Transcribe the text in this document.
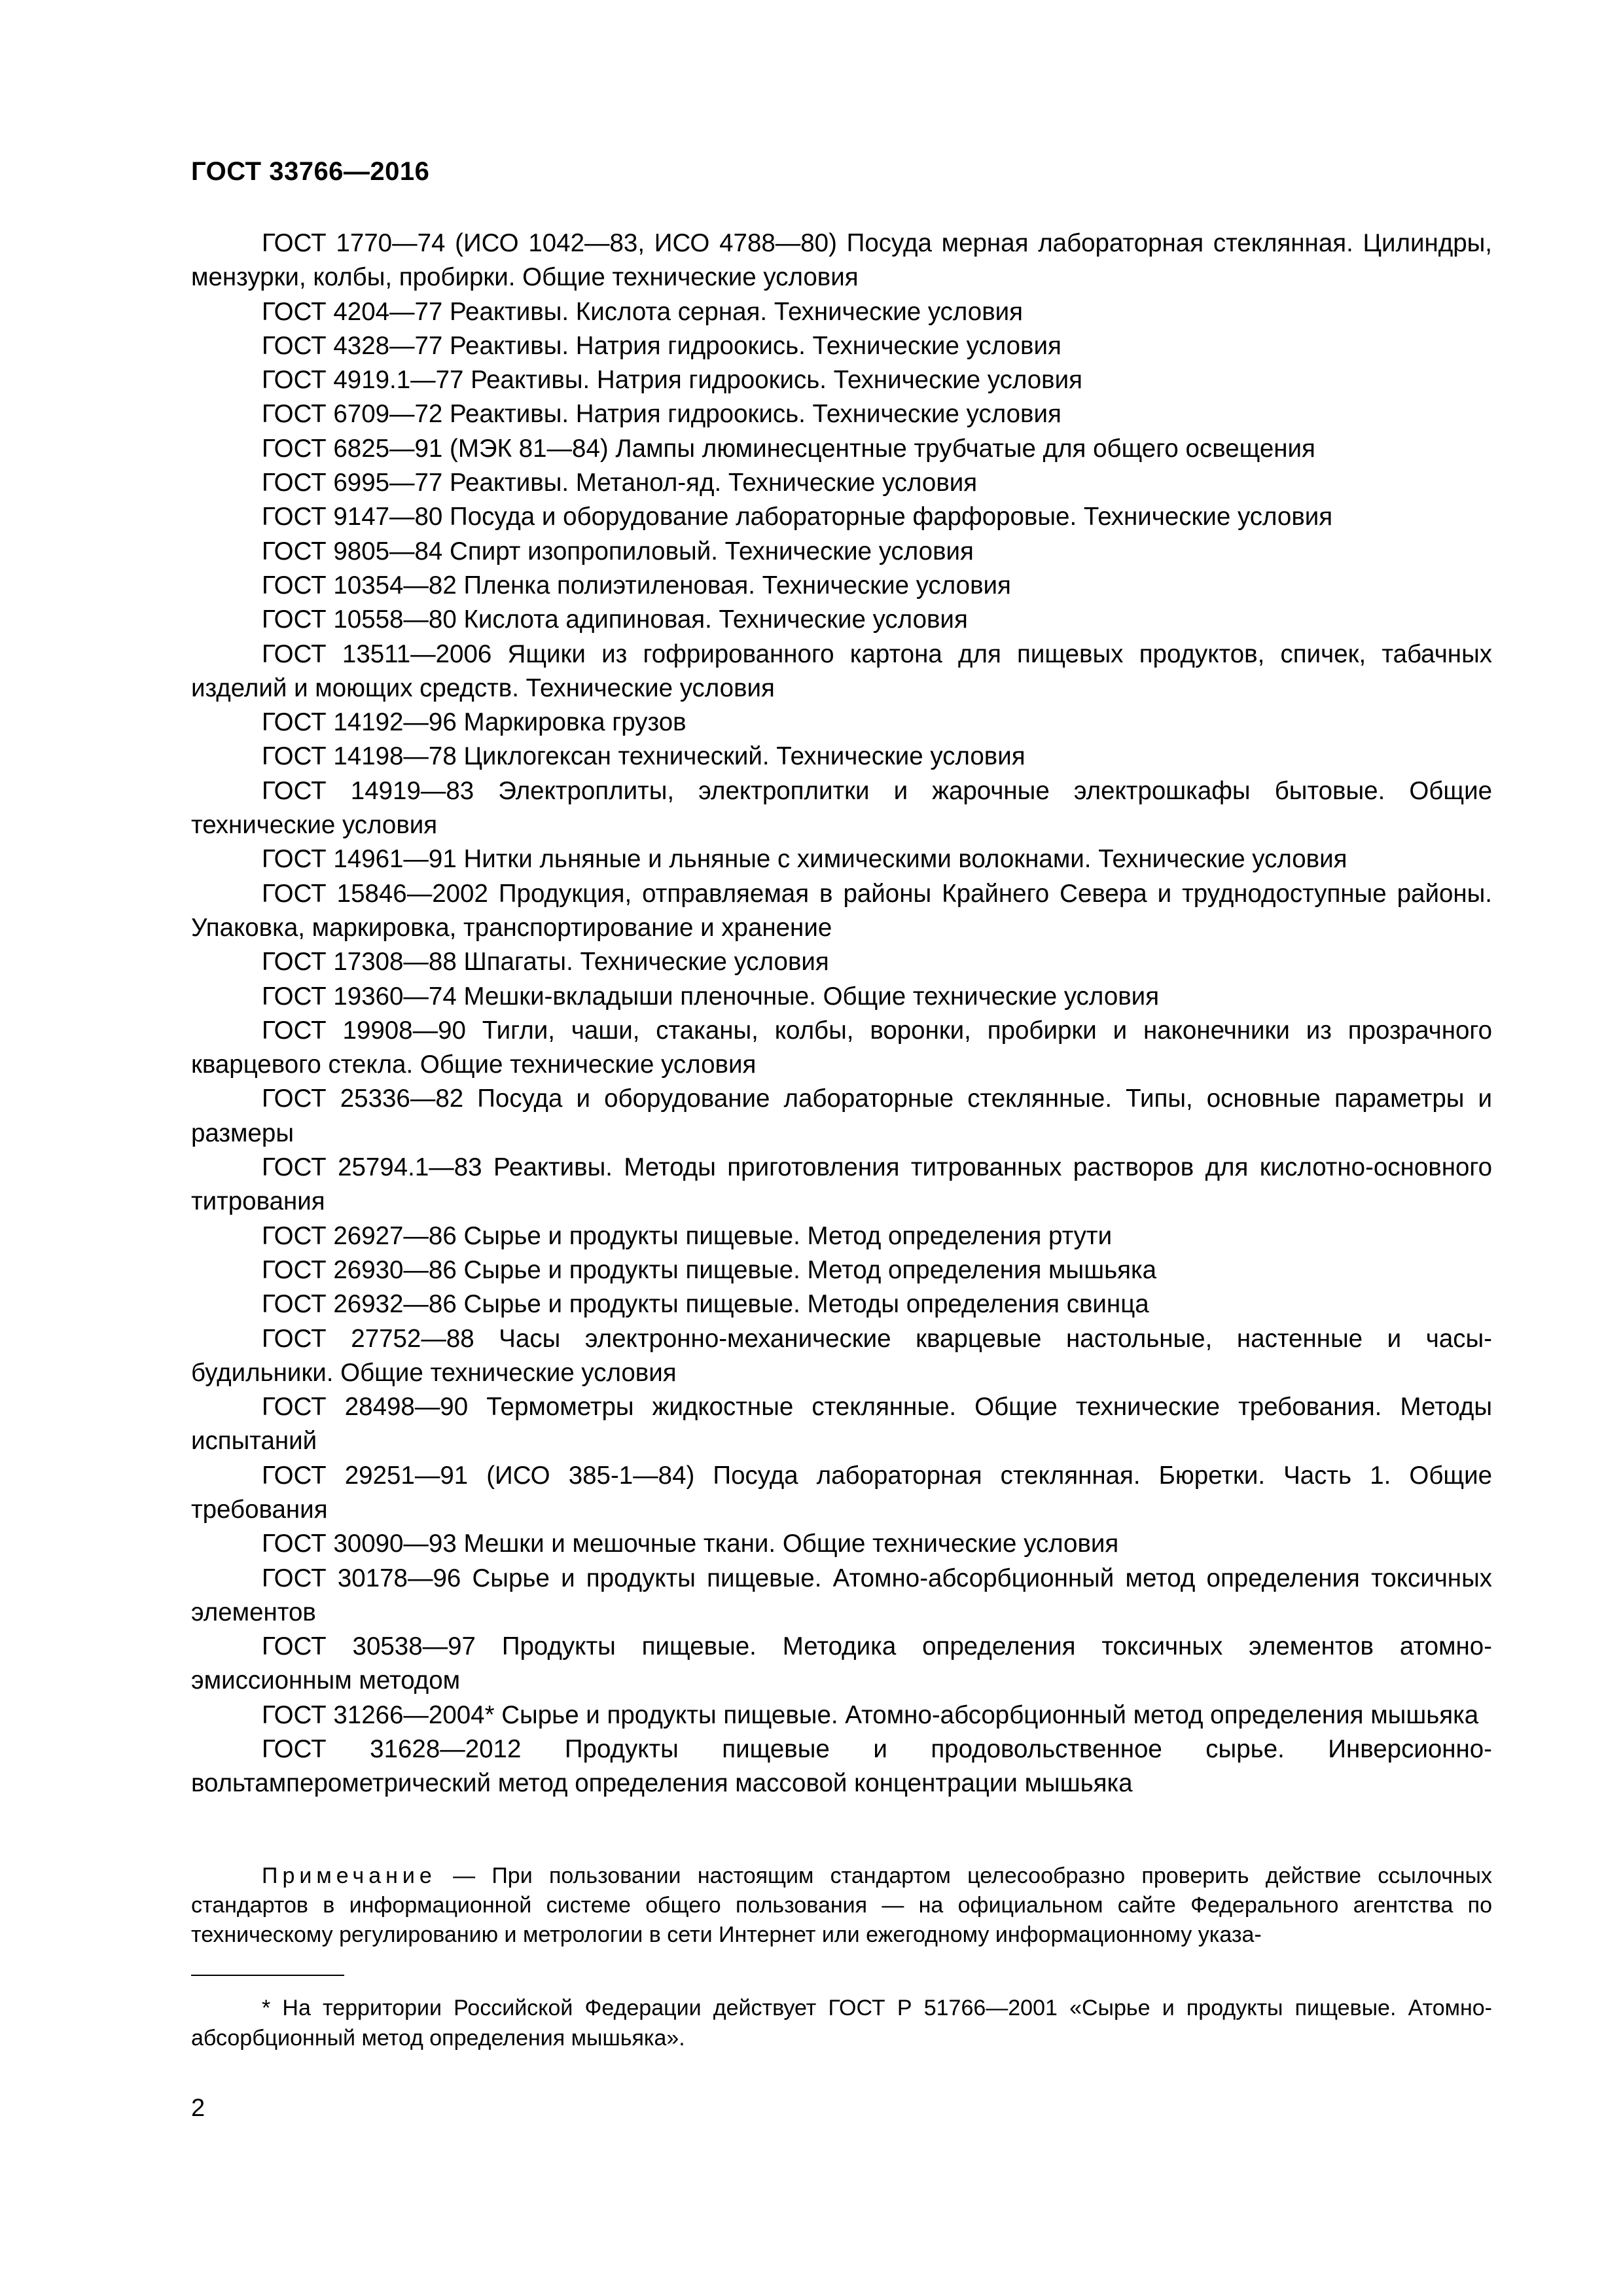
ГОСТ 33766—2016

ГОСТ 1770—74 (ИСО 1042—83, ИСО 4788—80) Посуда мерная лабораторная стеклянная. Цилиндры, мензурки, колбы, пробирки. Общие технические условия

ГОСТ 4204—77 Реактивы. Кислота серная. Технические условия

ГОСТ 4328—77 Реактивы. Натрия гидроокись. Технические условия

ГОСТ 4919.1—77 Реактивы. Натрия гидроокись. Технические условия

ГОСТ 6709—72 Реактивы. Натрия гидроокись. Технические условия

ГОСТ 6825—91 (МЭК 81—84) Лампы люминесцентные трубчатые для общего освещения

ГОСТ 6995—77 Реактивы. Метанол-яд. Технические условия

ГОСТ 9147—80 Посуда и оборудование лабораторные фарфоровые. Технические условия

ГОСТ 9805—84 Спирт изопропиловый. Технические условия

ГОСТ 10354—82 Пленка полиэтиленовая. Технические условия

ГОСТ 10558—80 Кислота адипиновая. Технические условия

ГОСТ 13511—2006 Ящики из гофрированного картона для пищевых продуктов, спичек, табачных изделий и моющих средств. Технические условия

ГОСТ 14192—96 Маркировка грузов

ГОСТ 14198—78 Циклогексан технический. Технические условия

ГОСТ 14919—83 Электроплиты, электроплитки и жарочные электрошкафы бытовые. Общие технические условия

ГОСТ 14961—91 Нитки льняные и льняные с химическими волокнами. Технические условия

ГОСТ 15846—2002 Продукция, отправляемая в районы Крайнего Севера и труднодоступные районы. Упаковка, маркировка, транспортирование и хранение

ГОСТ 17308—88 Шпагаты. Технические условия

ГОСТ 19360—74 Мешки-вкладыши пленочные. Общие технические условия

ГОСТ 19908—90 Тигли, чаши, стаканы, колбы, воронки, пробирки и наконечники из прозрачного кварцевого стекла. Общие технические условия

ГОСТ 25336—82 Посуда и оборудование лабораторные стеклянные. Типы, основные параметры и размеры

ГОСТ 25794.1—83 Реактивы. Методы приготовления титрованных растворов для кислотно-основного титрования

ГОСТ 26927—86 Сырье и продукты пищевые. Метод определения ртути

ГОСТ 26930—86 Сырье и продукты пищевые. Метод определения мышьяка

ГОСТ 26932—86 Сырье и продукты пищевые. Методы определения свинца

ГОСТ 27752—88 Часы электронно-механические кварцевые настольные, настенные и часы-будильники. Общие технические условия

ГОСТ 28498—90 Термометры жидкостные стеклянные. Общие технические требования. Методы испытаний

ГОСТ 29251—91 (ИСО 385-1—84) Посуда лабораторная стеклянная. Бюретки. Часть 1. Общие требования

ГОСТ 30090—93 Мешки и мешочные ткани. Общие технические условия

ГОСТ 30178—96 Сырье и продукты пищевые. Атомно-абсорбционный метод определения токсичных элементов

ГОСТ 30538—97 Продукты пищевые. Методика определения токсичных элементов атомно-эмиссионным методом

ГОСТ 31266—2004* Сырье и продукты пищевые. Атомно-абсорбционный метод определения мышьяка

ГОСТ 31628—2012 Продукты пищевые и продовольственное сырье. Инверсионно-вольтамперометрический метод определения массовой концентрации мышьяка

Примечание — При пользовании настоящим стандартом целесообразно проверить действие ссылочных стандартов в информационной системе общего пользования — на официальном сайте Федерального агентства по техническому регулированию и метрологии в сети Интернет или ежегодному информационному указа-

* На территории Российской Федерации действует ГОСТ Р 51766—2001 «Сырье и продукты пищевые. Атомно-абсорбционный метод определения мышьяка».

2
